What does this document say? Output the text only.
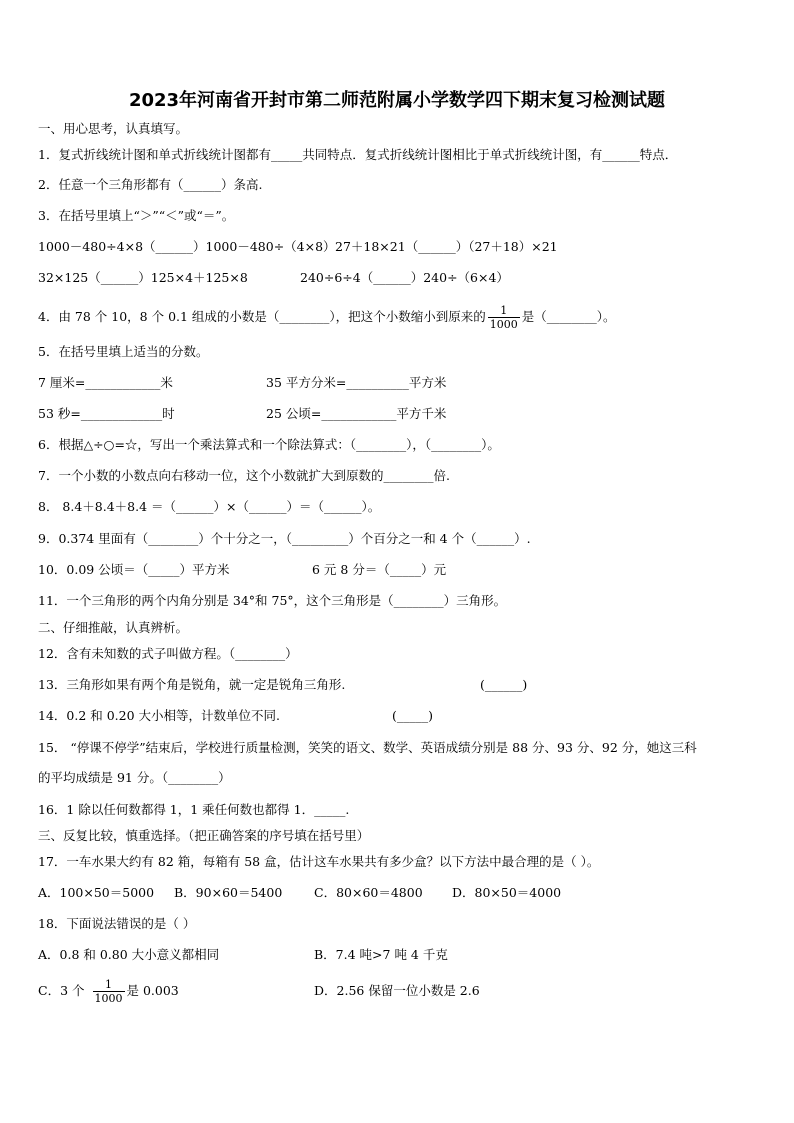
2023年河南省开封市第二师范附属小学数学四下期末复习检测试题
一、用心思考，认真填写。
1．复式折线统计图和单式折线统计图都有_____共同特点．复式折线统计图相比于单式折线统计图，有______特点．
2．任意一个三角形都有（______）条高.
3．在括号里填上“＞”“＜”或“＝”。
1000－480÷4×8（______）1000－480÷（4×8） 27＋18×21（______）（27＋18）×21
32×125（______）125×4＋125×8	240÷6÷4（______）240÷（6×4）
4．由 78 个 10，8 个 0.1 组成的小数是（________），把这个小数缩小到原来的 $\frac{1}{1000}$ 是（________）。
5．在括号里填上适当的分数。
7 厘米=____________米	35 平方分米=__________平方米
53 秒=_____________时	25 公顷=____________平方千米
6．根据△÷○=☆，写出一个乘法算式和一个除法算式：（________），（________）。
7．一个小数的小数点向右移动一位，这个小数就扩大到原数的________倍.
8． 8.4＋8.4＋8.4 ＝（______）×（______）＝（______）。
9．0.374 里面有（________）个十分之一，（_________）个百分之一和 4 个（______）.
10．0.09 公顷＝（_____）平方米	6 元 8 分＝（_____）元
11．一个三角形的两个内角分别是 34°和 75°，这个三角形是（________）三角形。
二、仔细推敲，认真辨析。
12．含有未知数的式子叫做方程。（________）
13．三角形如果有两个角是锐角，就一定是锐角三角形.	(______)
14．0.2 和 0.20 大小相等，计数单位不同.	(_____)
15． “停课不停学”结束后，学校进行质量检测，笑笑的语文、数学、英语成绩分别是 88 分、93 分、92 分，她这三科
的平均成绩是 91 分。（________）
16．1 除以任何数都得 1，1 乘任何数也都得 1．_____.
三、反复比较，慎重选择。（把正确答案的序号填在括号里）
17．一车水果大约有 82 箱，每箱有 58 盒，估计这车水果共有多少盒？以下方法中最合理的是（ ）。
A．100×50＝5000 B．90×60＝5400	C．80×60＝4800 D．80×50＝4000
18．下面说法错误的是（ ）
A．0.8 和 0.80 大小意义都相同	B．7.4 吨>7 吨 4 千克
C．3 个 $\frac{1}{1000}$ 是 0.003	D．2.56 保留一位小数是 2.6
